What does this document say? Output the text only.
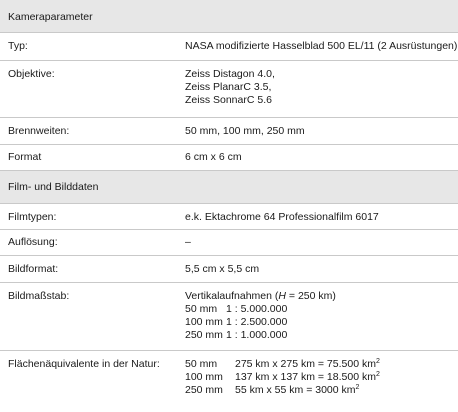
Kameraparameter
Typ:	NASA modifizierte Hasselblad 500 EL/11 (2 Ausrüstungen)
Objektive:	Zeiss Distagon 4.0,
Zeiss PlanarC 3.5,
Zeiss SonnarC 5.6
Brennweiten:	50 mm, 100 mm, 250 mm
Format	6 cm x 6 cm
Film- und Bilddaten
Filmtypen:	e.k. Ektachrome 64 Professionalfilm 6017
Auflösung:	–
Bildformat:	5,5 cm x 5,5 cm
Bildmaßstab:	Vertikalaufnahmen (H = 250 km)
50 mm 1 : 5.000.000
100 mm 1 : 2.500.000
250 mm 1 : 1.000.000
Flächenäquivalente in der Natur: 50 mm 275 km x 275 km = 75.500 $km^2$
100 mm 137 km x 137 km = 18.500 $km^2$
250 mm 55 km x 55 km = 3000 $km^2$
